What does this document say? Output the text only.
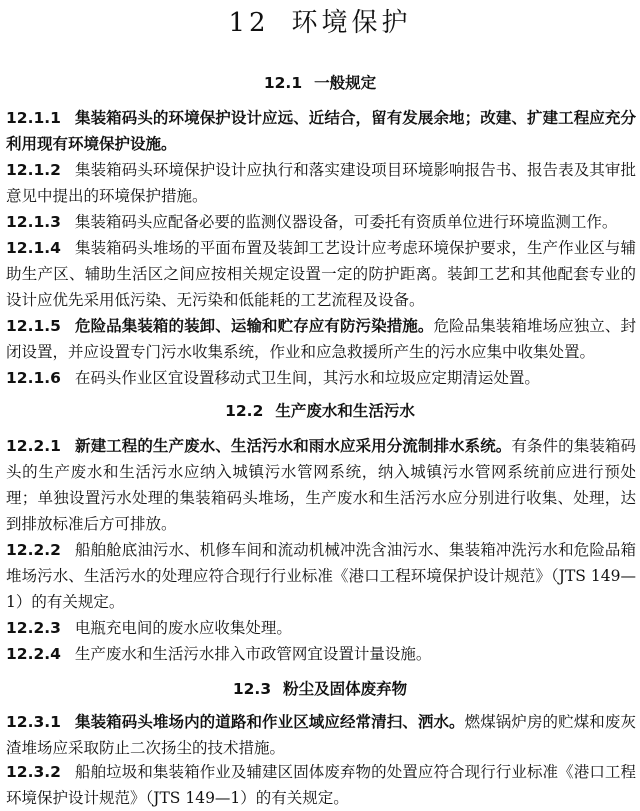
12 环境保护
12.1 一般规定
12.1.1 集装箱码头的环境保护设计应远、近结合，留有发展余地；改建、扩建工程应充分利用现有环境保护设施。
12.1.2 集装箱码头环境保护设计应执行和落实建设项目环境影响报告书、报告表及其审批意见中提出的环境保护措施。
12.1.3 集装箱码头应配备必要的监测仪器设备，可委托有资质单位进行环境监测工作。
12.1.4 集装箱码头堆场的平面布置及装卸工艺设计应考虑环境保护要求，生产作业区与辅助生产区、辅助生活区之间应按相关规定设置一定的防护距离。装卸工艺和其他配套专业的设计应优先采用低污染、无污染和低能耗的工艺流程及设备。
12.1.5 危险品集装箱的装卸、运输和贮存应有防污染措施。危险品集装箱堆场应独立、封闭设置，并应设置专门污水收集系统，作业和应急救援所产生的污水应集中收集处置。
12.1.6 在码头作业区宜设置移动式卫生间，其污水和垃圾应定期清运处置。
12.2 生产废水和生活污水
12.2.1 新建工程的生产废水、生活污水和雨水应采用分流制排水系统。有条件的集装箱码头的生产废水和生活污水应纳入城镇污水管网系统，纳入城镇污水管网系统前应进行预处理；单独设置污水处理的集装箱码头堆场，生产废水和生活污水应分别进行收集、处理，达到排放标准后方可排放。
12.2.2 船舶舱底油污水、机修车间和流动机械冲洗含油污水、集装箱冲洗污水和危险品箱堆场污水、生活污水的处理应符合现行行业标准《港口工程环境保护设计规范》（JTS 149—1）的有关规定。
12.2.3 电瓶充电间的废水应收集处理。
12.2.4 生产废水和生活污水排入市政管网宜设置计量设施。
12.3 粉尘及固体废弃物
12.3.1 集装箱码头堆场内的道路和作业区域应经常清扫、洒水。燃煤锅炉房的贮煤和废灰渣堆场应采取防止二次扬尘的技术措施。
12.3.2 船舶垃圾和集装箱作业及辅建区固体废弃物的处置应符合现行行业标准《港口工程环境保护设计规范》（JTS 149—1）的有关规定。
